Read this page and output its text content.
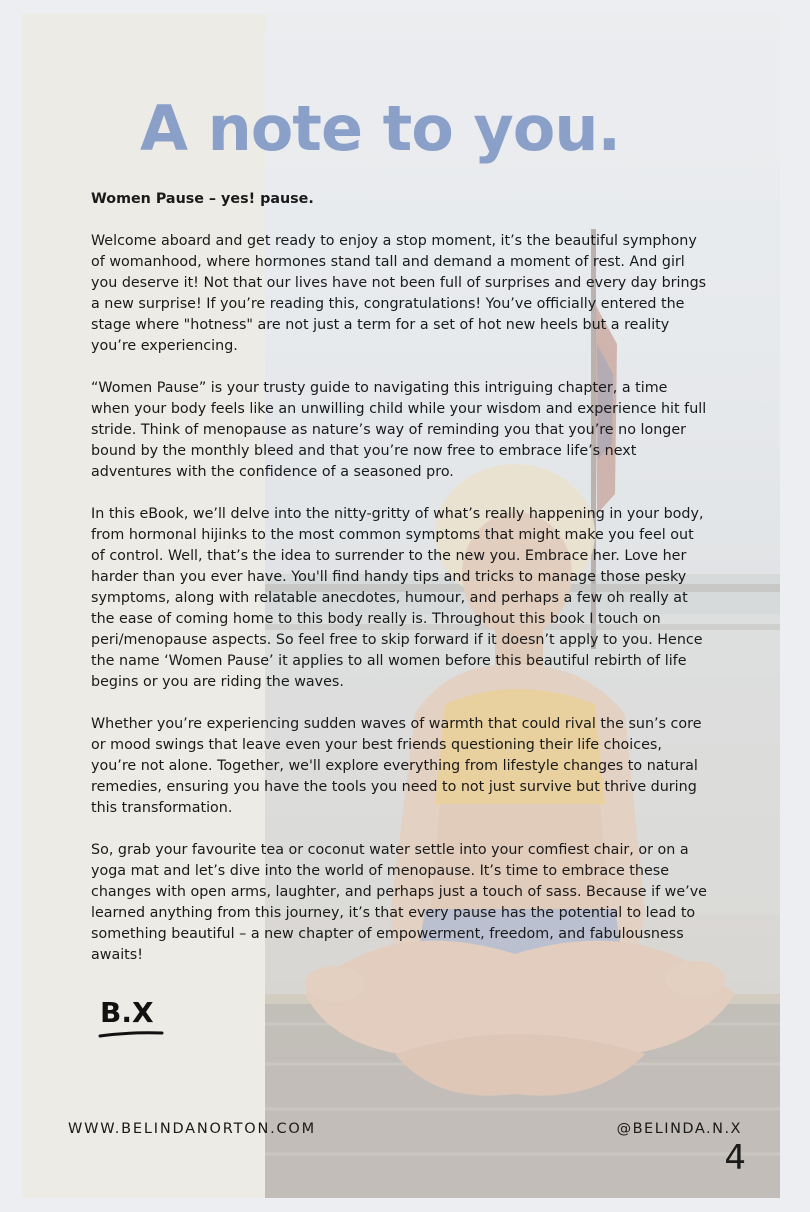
A note to you.

Women Pause – yes! pause.

Welcome aboard and get ready to enjoy a stop moment, it’s the beautiful symphony of womanhood, where hormones stand tall and demand a moment of rest. And girl you deserve it! Not that our lives have not been full of surprises and every day brings a new surprise! If you’re reading this, congratulations! You’ve officially entered the stage where "hotness" are not just a term for a set of hot new heels but a reality you’re experiencing.

“Women Pause” is your trusty guide to navigating this intriguing chapter, a time when your body feels like an unwilling child while your wisdom and experience hit full stride. Think of menopause as nature’s way of reminding you that you’re no longer bound by the monthly bleed and that you’re now free to embrace life’s next adventures with the confidence of a seasoned pro.

In this eBook, we’ll delve into the nitty-gritty of what’s really happening in your body, from hormonal hijinks to the most common symptoms that might make you feel out of control. Well, that’s the idea to surrender to the new you. Embrace her. Love her harder than you ever have. You'll find handy tips and tricks to manage those pesky symptoms, along with relatable anecdotes, humour, and perhaps a few oh really at the ease of coming home to this body really is. Throughout this book I touch on peri/menopause aspects. So feel free to skip forward if it doesn’t apply to you. Hence the name ‘Women Pause’ it applies to all women before this beautiful rebirth of life begins or you are riding the waves.

Whether you’re experiencing sudden waves of warmth that could rival the sun’s core or mood swings that leave even your best friends questioning their life choices, you’re not alone. Together, we'll explore everything from lifestyle changes to natural remedies, ensuring you have the tools you need to not just survive but thrive during this transformation.

So, grab your favourite tea or coconut water settle into your comfiest chair, or on a yoga mat and let’s dive into the world of menopause. It’s time to embrace these changes with open arms, laughter, and perhaps just a touch of sass. Because if we’ve learned anything from this journey, it’s that every pause has the potential to lead to something beautiful – a new chapter of empowerment, freedom, and fabulousness awaits!

B.X
WWW.BELINDANORTON.COM	@BELINDA.N.X
4
